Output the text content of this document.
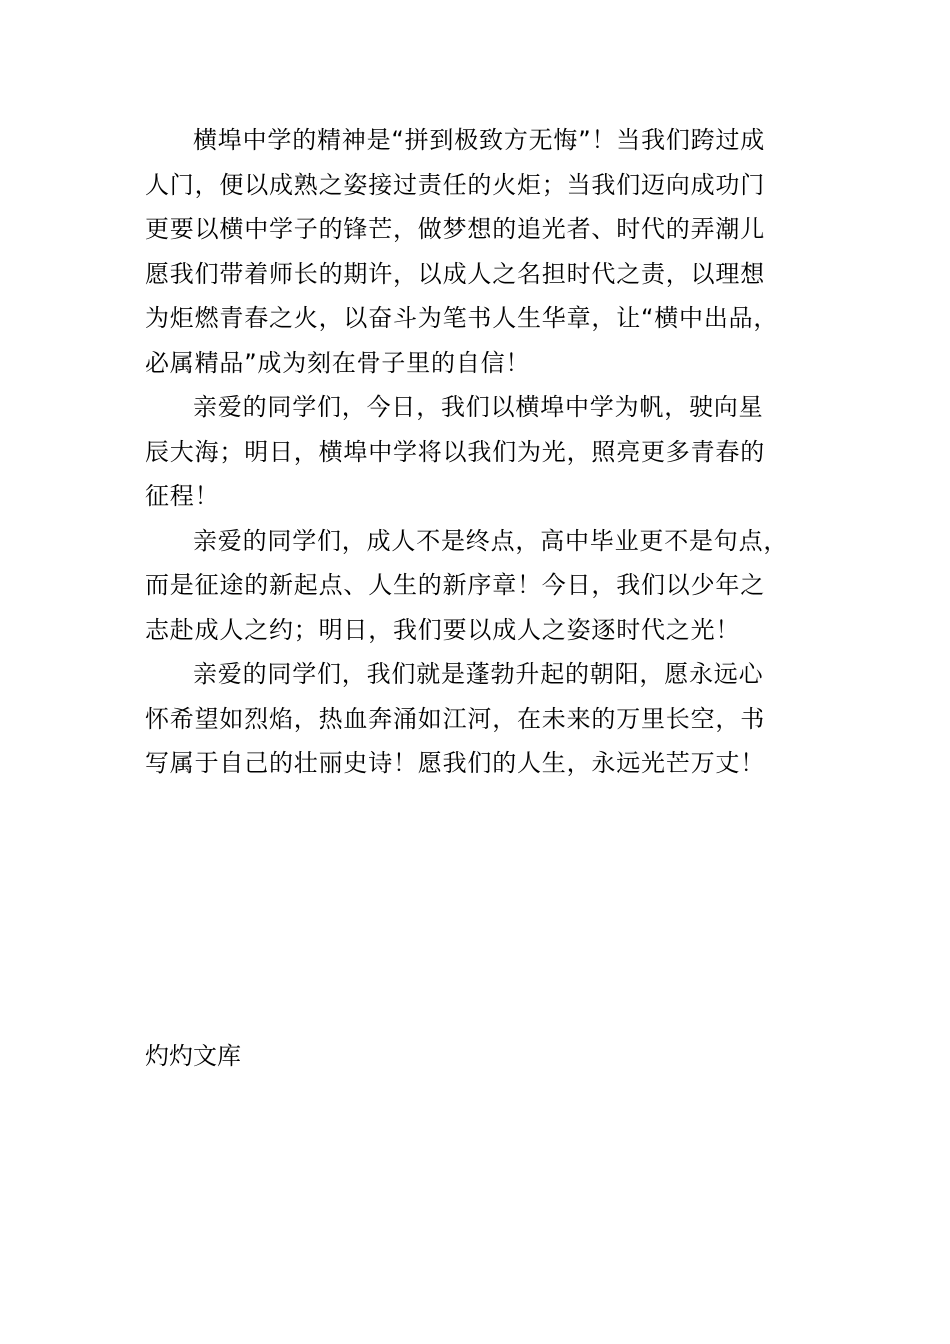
横埠中学的精神是“拼到极致方无悔”！当我们跨过成
人门，便以成熟之姿接过责任的火炬；当我们迈向成功门
更要以横中学子的锋芒，做梦想的追光者、时代的弄潮儿
愿我们带着师长的期许，以成人之名担时代之责，以理想
为炬燃青春之火，以奋斗为笔书人生华章，让“横中出品，
必属精品”成为刻在骨子里的自信！

亲爱的同学们，今日，我们以横埠中学为帆，驶向星
辰大海；明日，横埠中学将以我们为光，照亮更多青春的
征程！

亲爱的同学们，成人不是终点，高中毕业更不是句点，
而是征途的新起点、人生的新序章！今日，我们以少年之
志赴成人之约；明日，我们要以成人之姿逐时代之光！

亲爱的同学们，我们就是蓬勃升起的朝阳，愿永远心
怀希望如烈焰，热血奔涌如江河，在未来的万里长空，书
写属于自己的壮丽史诗！愿我们的人生，永远光芒万丈！

灼灼文库
